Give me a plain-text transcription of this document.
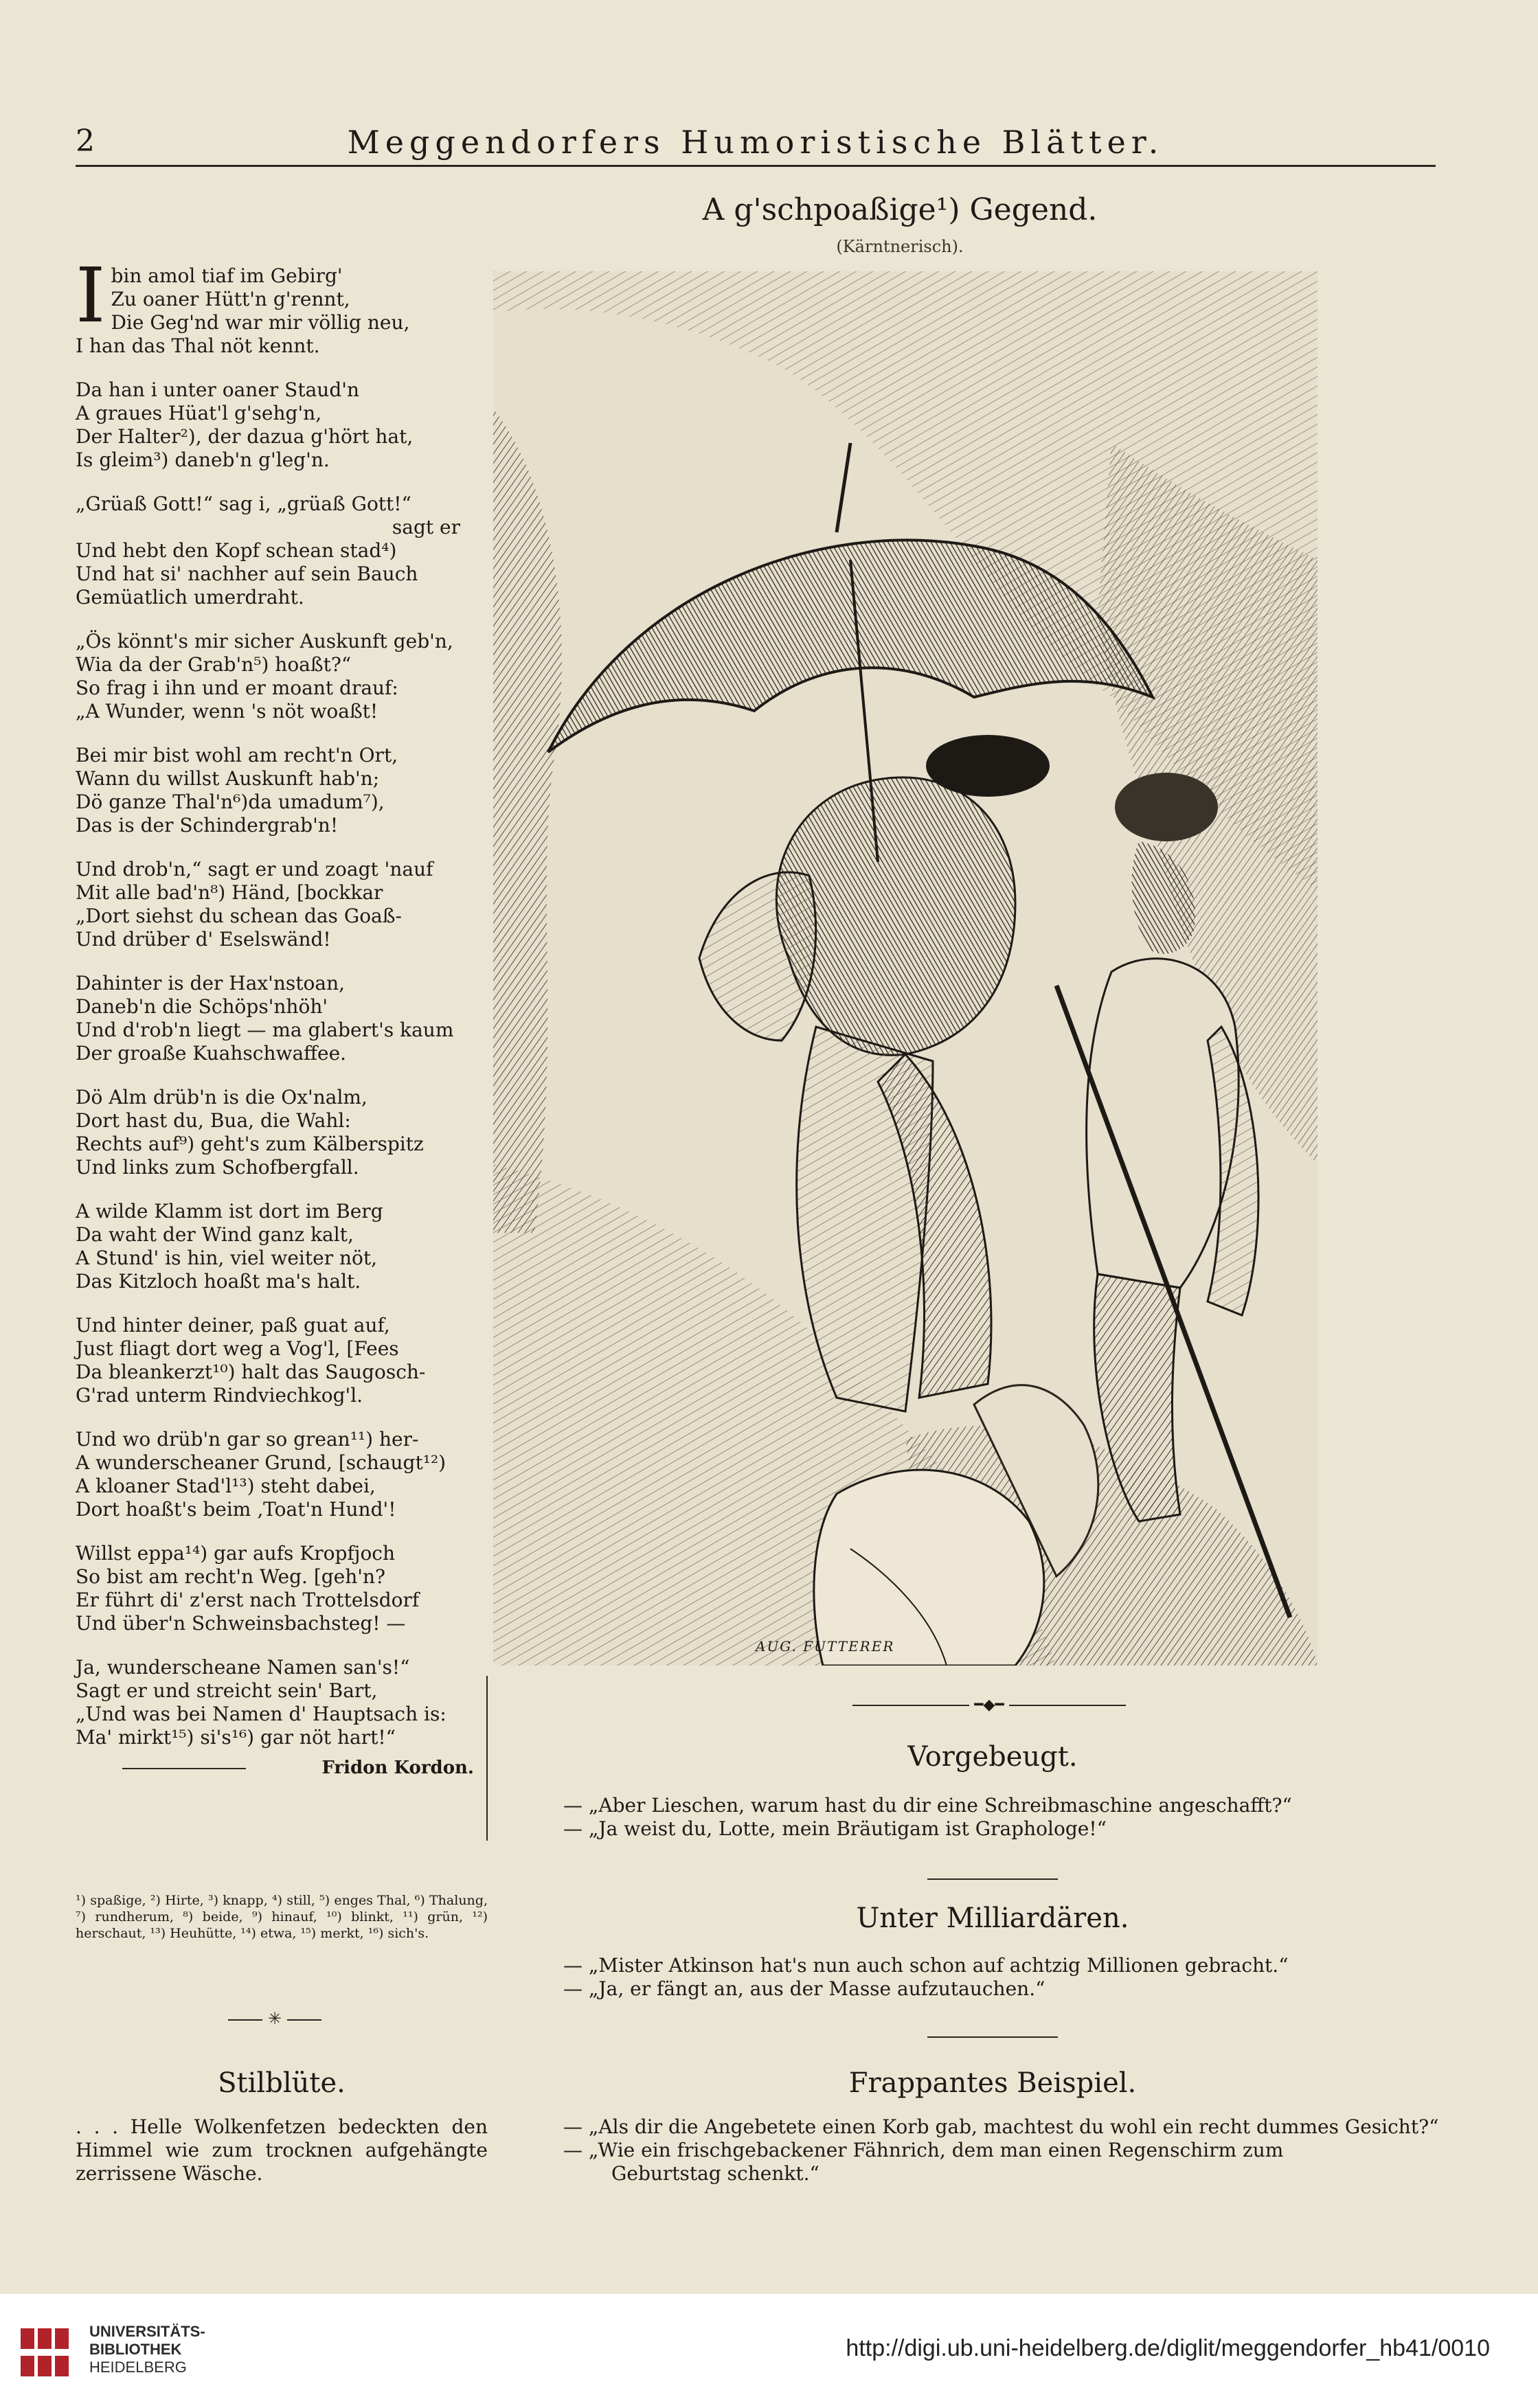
2	Meggendorfers Humoristische Blätter.
A g'schpoaßige¹) Gegend.
(Kärntnerisch).
I bin amol tiaf im Gebirg'
Zu oaner Hütt'n g'rennt,
Die Geg'nd war mir völlig neu,
I han das Thal nöt kennt.
Da han i unter oaner Staud'n
A graues Hüat'l g'sehg'n,
Der Halter²), der dazua g'hört hat,
Is gleim³) daneb'n g'leg'n.
„Grüaß Gott!“ sag i, „grüaß Gott!“
sagt er
Und hebt den Kopf schean stad⁴)
Und hat si' nachher auf sein Bauch
Gemüatlich umerdraht.
„Ös könnt's mir sicher Auskunft geb'n,
Wia da der Grab'n⁵) hoaßt?“
So frag i ihn und er moant drauf:
„A Wunder, wenn 's nöt woaßt!
Bei mir bist wohl am recht'n Ort,
Wann du willst Auskunft hab'n;
Dö ganze Thal'n⁶)da umadum⁷),
Das is der Schindergrab'n!
Und drob'n,“ sagt er und zoagt 'nauf
Mit alle bad'n⁸) Händ, [bockkar
„Dort siehst du schean das Goaß-
Und drüber d' Eselswänd!
Dahinter is der Hax'nstoan,
Daneb'n die Schöps'nhöh'
Und d'rob'n liegt — ma glabert's kaum
Der groaße Kuahschwaffee.
Dö Alm drüb'n is die Ox'nalm,
Dort hast du, Bua, die Wahl:
Rechts auf⁹) geht's zum Kälberspitz
Und links zum Schofbergfall.
A wilde Klamm ist dort im Berg
Da waht der Wind ganz kalt,
A Stund' is hin, viel weiter nöt,
Das Kitzloch hoaßt ma's halt.
Und hinter deiner, paß guat auf,
Just fliagt dort weg a Vog'l, [Fees
Da bleankerzt¹⁰) halt das Saugosch-
G'rad unterm Rindviechkog'l.
Und wo drüb'n gar so grean¹¹) her-
A wunderscheaner Grund, [schaugt¹²)
A kloaner Stad'l¹³) steht dabei,
Dort hoaßt's beim ‚Toat'n Hund'!
Willst eppa¹⁴) gar aufs Kropfjoch
So bist am recht'n Weg. [geh'n?
Er führt di' z'erst nach Trottelsdorf
Und über'n Schweinsbachsteg! —
Ja, wunderscheane Namen san's!“
Sagt er und streicht sein' Bart,
„Und was bei Namen d' Hauptsach is:
Ma' mirkt¹⁵) si's¹⁶) gar nöt hart!“
Fridon Kordon.
¹) spaßige, ²) Hirte, ³) knapp, ⁴) still, ⁵) enges Thal, ⁶) Thalung, ⁷) rundherum, ⁸) beide, ⁹) hinauf, ¹⁰) blinkt, ¹¹) grün, ¹²) herschaut, ¹³) Heuhütte, ¹⁴) etwa, ¹⁵) merkt, ¹⁶) sich's.
✳
Stilblüte.
. . . Helle Wolkenfetzen bedeckten den Himmel wie zum trocknen aufgehängte zerrissene Wäsche.
AUG. FUTTERER
━◆━
Vorgebeugt.
— „Aber Lieschen, warum hast du dir eine Schreibmaschine angeschafft?“
— „Ja weist du, Lotte, mein Bräutigam ist Graphologe!“
Unter Milliardären.
— „Mister Atkinson hat's nun auch schon auf achtzig Millionen gebracht.“
— „Ja, er fängt an, aus der Masse aufzutauchen.“
Frappantes Beispiel.
— „Als dir die Angebetete einen Korb gab, machtest du wohl ein recht dummes Gesicht?“
— „Wie ein frischgebackener Fähnrich, dem man einen Regenschirm zum
Geburtstag schenkt.“
UNIVERSITÄTS-
BIBLIOTHEK
HEIDELBERG
http://digi.ub.uni-heidelberg.de/diglit/meggendorfer_hb41/0010
